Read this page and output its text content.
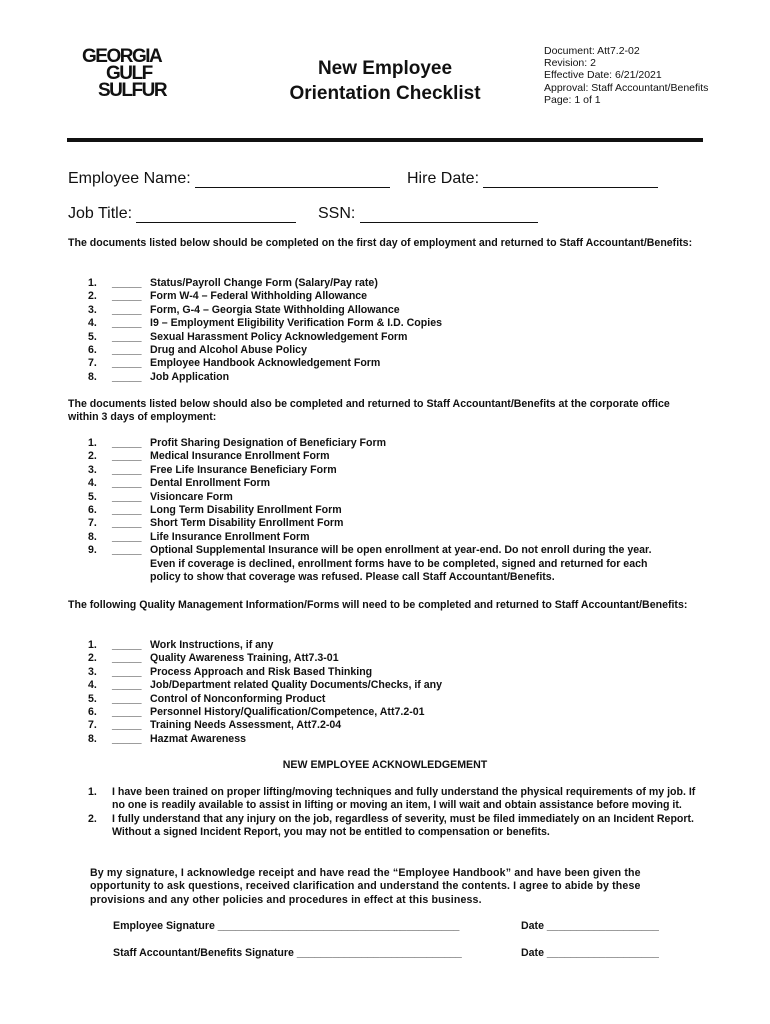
GEORGIA
GULF
SULFUR
New Employee
Orientation Checklist
Document: Att7.2-02
Revision: 2
Effective Date: 6/21/2021
Approval: Staff Accountant/Benefits
Page: 1 of 1
Employee Name:	Hire Date:
Job Title:	SSN:
The documents listed below should be completed on the first day of employment and returned to Staff Accountant/Benefits:
1.	_____ Status/Payroll Change Form (Salary/Pay rate)
2.	_____ Form W-4 – Federal Withholding Allowance
3.	_____ Form, G-4 – Georgia State Withholding Allowance
4.	_____ I9 – Employment Eligibility Verification Form & I.D. Copies
5.	_____ Sexual Harassment Policy Acknowledgement Form
6.	_____ Drug and Alcohol Abuse Policy
7.	_____ Employee Handbook Acknowledgement Form
8.	_____ Job Application
The documents listed below should also be completed and returned to Staff Accountant/Benefits at the corporate office within 3 days of employment:
1.	_____ Profit Sharing Designation of Beneficiary Form
2.	_____ Medical Insurance Enrollment Form
3.	_____ Free Life Insurance Beneficiary Form
4.	_____ Dental Enrollment Form
5.	_____ Visioncare Form
6.	_____ Long Term Disability Enrollment Form
7.	_____ Short Term Disability Enrollment Form
8.	_____ Life Insurance Enrollment Form
9.	_____ Optional Supplemental Insurance will be open enrollment at year-end. Do not enroll during the year.
Even if coverage is declined, enrollment forms have to be completed, signed and returned for each
policy to show that coverage was refused. Please call Staff Accountant/Benefits.
The following Quality Management Information/Forms will need to be completed and returned to Staff Accountant/Benefits:
1.	_____ Work Instructions, if any
2.	_____ Quality Awareness Training, Att7.3-01
3.	_____ Process Approach and Risk Based Thinking
4.	_____ Job/Department related Quality Documents/Checks, if any
5.	_____ Control of Nonconforming Product
6.	_____ Personnel History/Qualification/Competence, Att7.2-01
7.	_____ Training Needs Assessment, Att7.2-04
8.	_____ Hazmat Awareness
NEW EMPLOYEE ACKNOWLEDGEMENT
1.	I have been trained on proper lifting/moving techniques and fully understand the physical requirements of my job. If no one is readily available to assist in lifting or moving an item, I will wait and obtain assistance before moving it.
2.	I fully understand that any injury on the job, regardless of severity, must be filed immediately on an Incident Report. Without a signed Incident Report, you may not be entitled to compensation or benefits.
By my signature, I acknowledge receipt and have read the “Employee Handbook” and have been given the opportunity to ask questions, received clarification and understand the contents. I agree to abide by these provisions and any other policies and procedures in effect at this business.
Employee Signature _________________________________________	Date ___________________
Staff Accountant/Benefits Signature ____________________________	Date ___________________
